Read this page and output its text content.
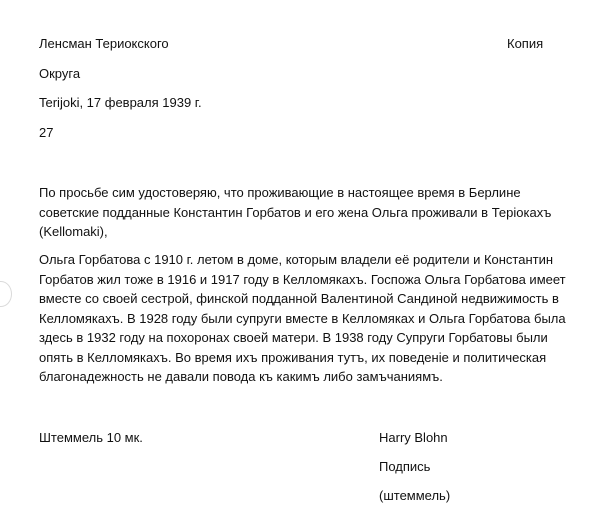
Ленсман Териокского	Копия
Округа
Terijoki, 17 февраля 1939 г.
27
По просьбе сим удостоверяю, что проживающие в настоящее время в Берлине
советские подданные Константин Горбатов и его жена Ольга проживали в Теріокахъ
(Kellomaki),
Ольга Горбатова с 1910 г. летом в доме, которым владели её родители и Константин
Горбатов жил тоже в 1916 и 1917 году в Келломякахъ. Госпожа Ольга Горбатова имеет
вместе со своей сестрой, финской подданной Валентиной Сандиной недвижимость в
Келломякахъ. В 1928 году были супруги вместе в Келломяках и Ольга Горбатова была
здесь в 1932 году на похоронах своей матери. В 1938 году Супруги Горбатовы были
опять в Келломякахъ. Во время ихъ проживания тутъ, их поведеніе и политическая
благонадежность не давали повода къ какимъ либо замъчаниямъ.
Штеммель 10 мк.	Harry Blohn
Подпись
(штеммель)
